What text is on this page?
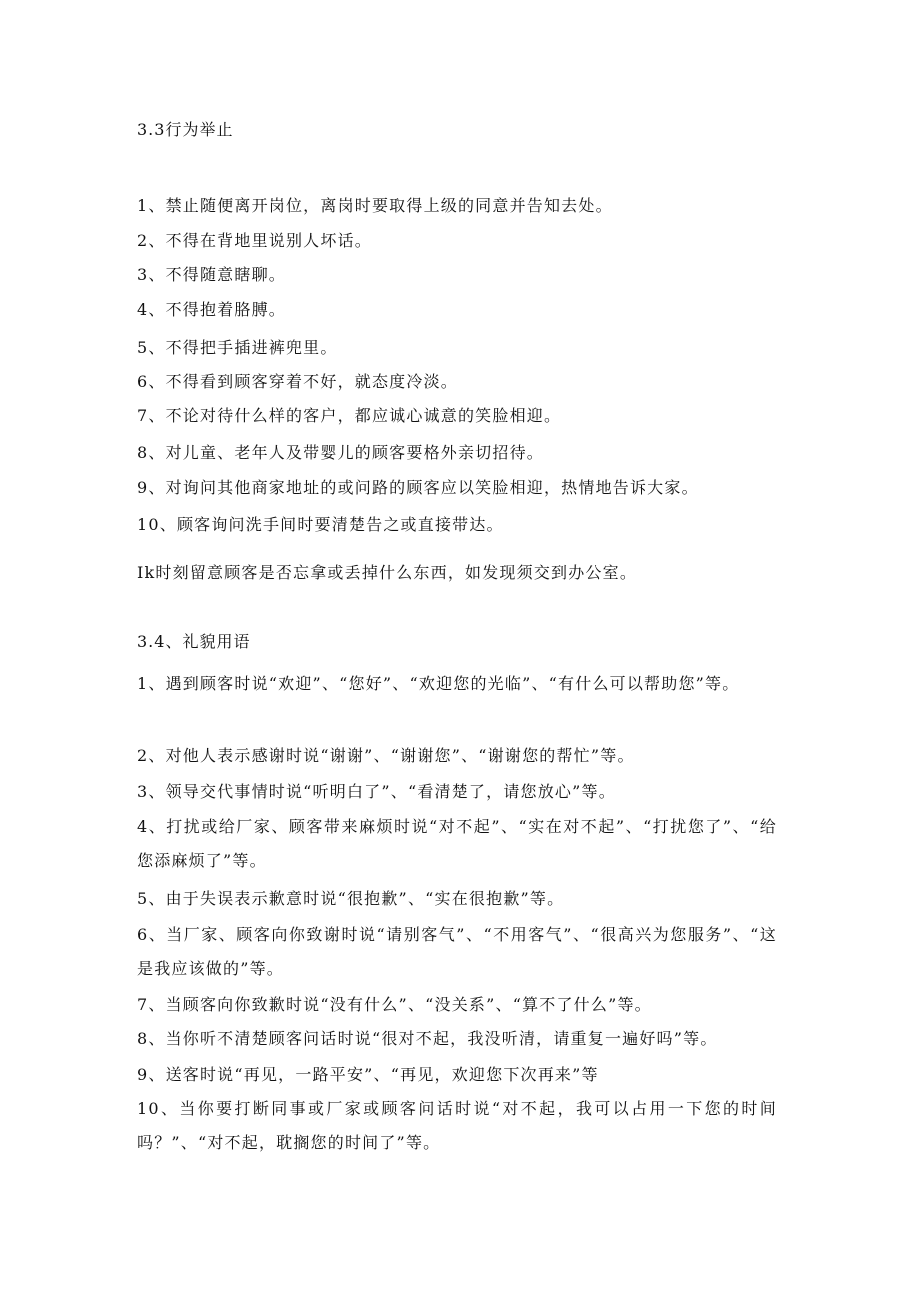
3.3行为举止
1、禁止随便离开岗位，离岗时要取得上级的同意并告知去处。
2、不得在背地里说别人坏话。
3、不得随意瞎聊。
4、不得抱着胳膊。
5、不得把手插进裤兜里。
6、不得看到顾客穿着不好，就态度冷淡。
7、不论对待什么样的客户，都应诚心诚意的笑脸相迎。
8、对儿童、老年人及带婴儿的顾客要格外亲切招待。
9、对询问其他商家地址的或问路的顾客应以笑脸相迎，热情地告诉大家。
10、顾客询问洗手间时要清楚告之或直接带达。
Ik时刻留意顾客是否忘拿或丢掉什么东西，如发现须交到办公室。
3.4、礼貌用语
1、遇到顾客时说“欢迎”、“您好”、“欢迎您的光临”、“有什么可以帮助您”等。
2、对他人表示感谢时说“谢谢”、“谢谢您”、“谢谢您的帮忙”等。
3、领导交代事情时说“听明白了”、“看清楚了，请您放心”等。
4、打扰或给厂家、顾客带来麻烦时说“对不起”、“实在对不起”、“打扰您了”、“给您添麻烦了”等。
5、由于失误表示歉意时说“很抱歉”、“实在很抱歉”等。
6、当厂家、顾客向你致谢时说“请别客气”、“不用客气”、“很高兴为您服务”、“这是我应该做的”等。
7、当顾客向你致歉时说“没有什么”、“没关系”、“算不了什么”等。
8、当你听不清楚顾客问话时说“很对不起，我没听清，请重复一遍好吗”等。
9、送客时说“再见，一路平安”、“再见，欢迎您下次再来”等
10、当你要打断同事或厂家或顾客问话时说“对不起，我可以占用一下您的时间吗？”、“对不起，耽搁您的时间了”等。
